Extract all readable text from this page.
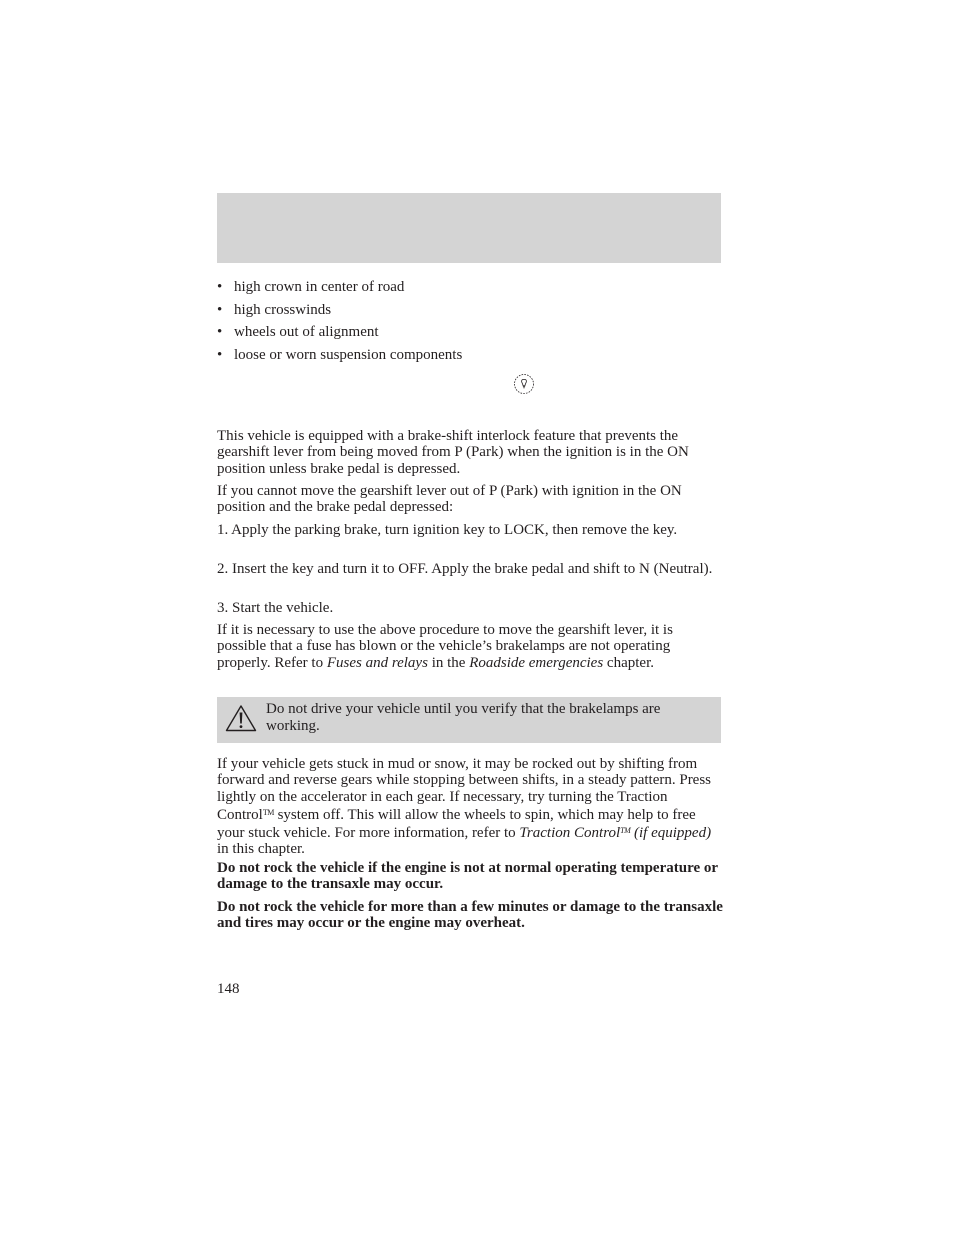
• high crown in center of road
• high crosswinds
• wheels out of alignment
• loose or worn suspension components

This vehicle is equipped with a brake-shift interlock feature that prevents the gearshift lever from being moved from P (Park) when the ignition is in the ON position unless brake pedal is depressed.

If you cannot move the gearshift lever out of P (Park) with ignition in the ON position and the brake pedal depressed:

1. Apply the parking brake, turn ignition key to LOCK, then remove the key.

2. Insert the key and turn it to OFF. Apply the brake pedal and shift to N (Neutral).

3. Start the vehicle.

If it is necessary to use the above procedure to move the gearshift lever, it is possible that a fuse has blown or the vehicle’s brakelamps are not operating properly. Refer to Fuses and relays in the Roadside emergencies chapter.

Do not drive your vehicle until you verify that the brakelamps are working.

If your vehicle gets stuck in mud or snow, it may be rocked out by shifting from forward and reverse gears while stopping between shifts, in a steady pattern. Press lightly on the accelerator in each gear. If necessary, try turning the Traction Control™ system off. This will allow the wheels to spin, which may help to free your stuck vehicle. For more information, refer to Traction Control™ (if equipped) in this chapter.

Do not rock the vehicle if the engine is not at normal operating temperature or damage to the transaxle may occur.

Do not rock the vehicle for more than a few minutes or damage to the transaxle and tires may occur or the engine may overheat.

148
